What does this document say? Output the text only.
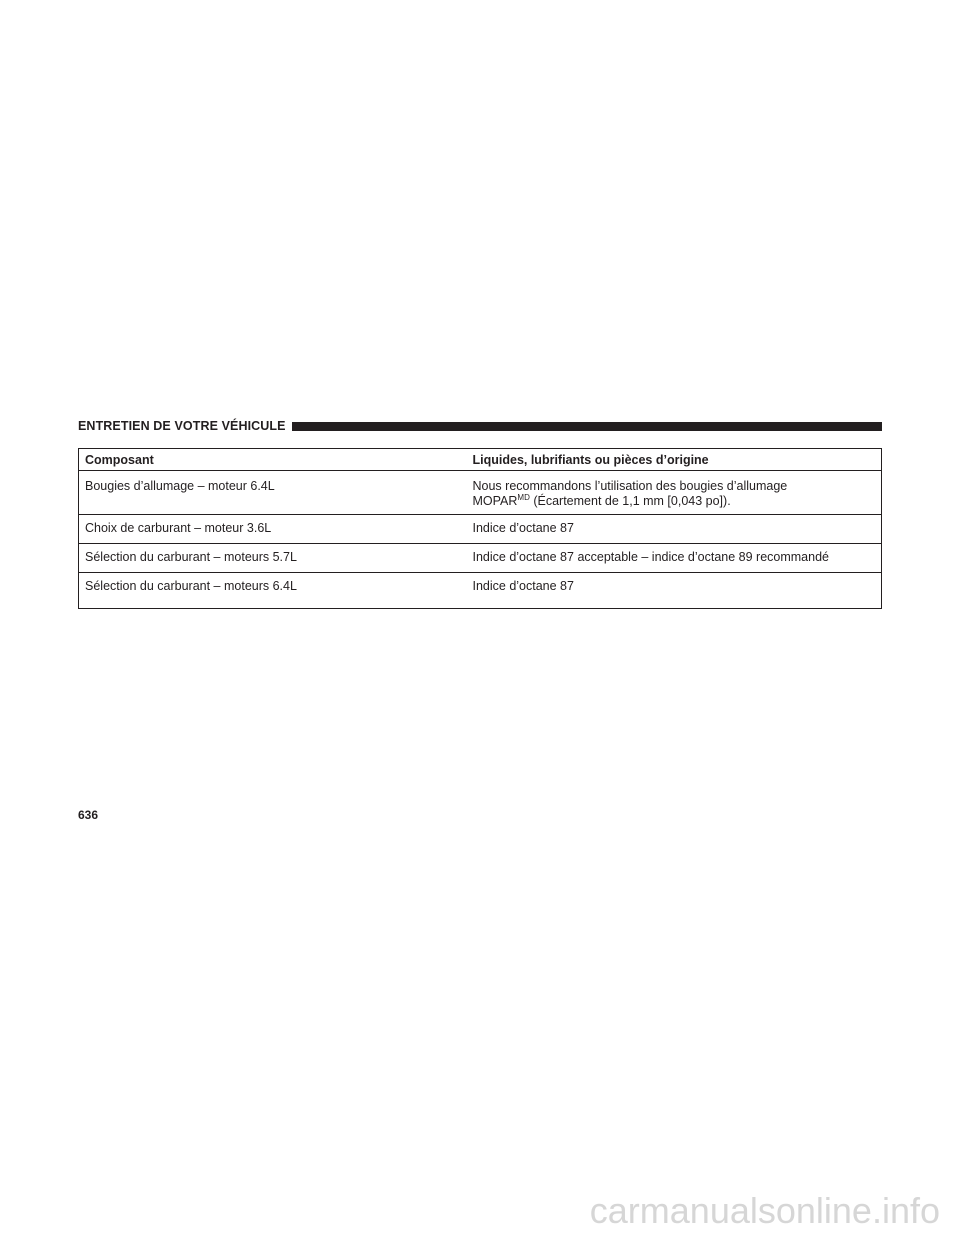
ENTRETIEN DE VOTRE VÉHICULE
Composant	Liquides, lubrifiants ou pièces d’origine
Bougies d’allumage – moteur 6.4L	Nous recommandons l’utilisation des bougies d’allumage
$MOPAR^{MD}$ (Écartement de 1,1 mm [0,043 po]).
Choix de carburant – moteur 3.6L	Indice d’octane 87
Sélection du carburant – moteurs 5.7L	Indice d’octane 87 acceptable – indice d’octane 89 recommandé
Sélection du carburant – moteurs 6.4L	Indice d’octane 87
636
carmanualsonline.info
